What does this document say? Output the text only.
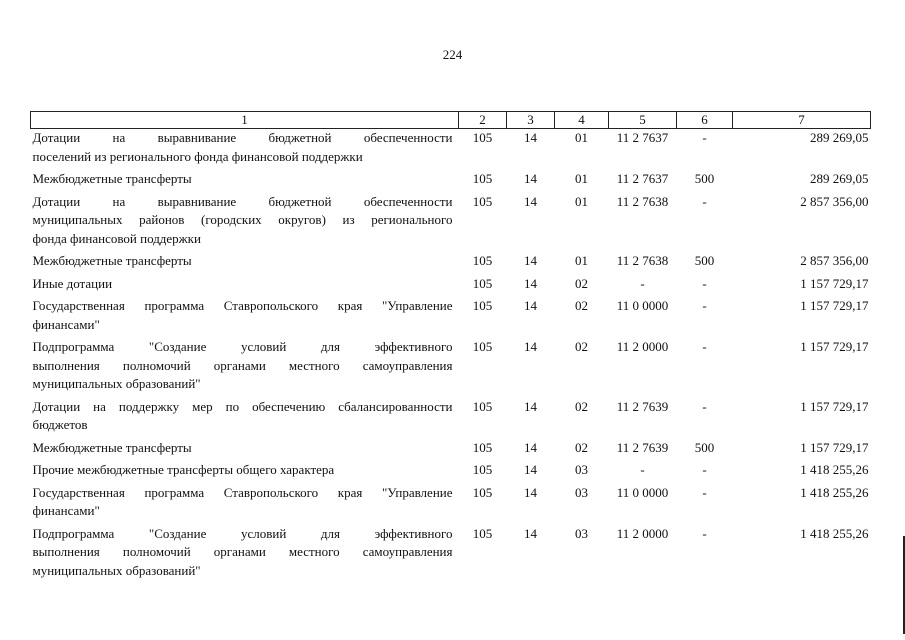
224
1	2	3	4	5	6	7

Дотации на выравнивание бюджетной обеспеченности
поселений из регионального фонда финансовой поддержки	105	14	01	11 2 7637	-	289 269,05

Межбюджетные трансферты	105	14	01	11 2 7637	500	289 269,05

Дотации на выравнивание бюджетной обеспеченности
муниципальных районов (городских округов) из регионального
фонда финансовой поддержки	105	14	01	11 2 7638	-	2 857 356,00

Межбюджетные трансферты	105	14	01	11 2 7638	500	2 857 356,00

Иные дотации	105	14	02	-	-	1 157 729,17

Государственная программа Ставропольского края "Управление
финансами"	105	14	02	11 0 0000	-	1 157 729,17

Подпрограмма "Создание условий для эффективного
выполнения полномочий органами местного самоуправления
муниципальных образований"	105	14	02	11 2 0000	-	1 157 729,17

Дотации на поддержку мер по обеспечению сбалансированности
бюджетов	105	14	02	11 2 7639	-	1 157 729,17

Межбюджетные трансферты	105	14	02	11 2 7639	500	1 157 729,17

Прочие межбюджетные трансферты общего характера	105	14	03	-	-	1 418 255,26

Государственная программа Ставропольского края "Управление
финансами"	105	14	03	11 0 0000	-	1 418 255,26

Подпрограмма "Создание условий для эффективного
выполнения полномочий органами местного самоуправления
муниципальных образований"	105	14	03	11 2 0000	-	1 418 255,26
